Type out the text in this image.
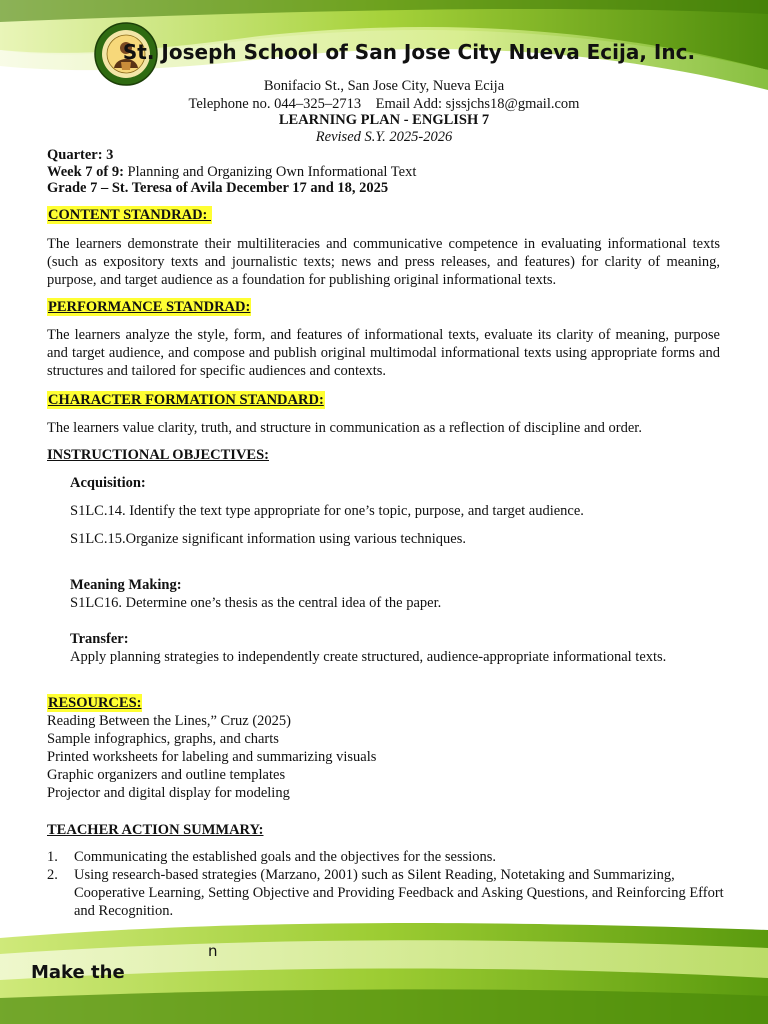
St. Joseph School of San Jose City Nueva Ecija, Inc.
Bonifacio St., San Jose City, Nueva Ecija
Telephone no. 044–325–2713    Email Add: sjssjchs18@gmail.com
LEARNING PLAN - ENGLISH 7
Revised S.Y. 2025-2026
Quarter: 3
Week 7 of 9: Planning and Organizing Own Informational Text
Grade 7 – St. Teresa of Avila December 17 and 18, 2025
CONTENT STANDRAD:

The learners demonstrate their multiliteracies and communicative competence in evaluating informational texts (such as expository texts and journalistic texts; news and press releases, and features) for clarity of meaning, purpose, and target audience as a foundation for publishing original informational texts.

PERFORMANCE STANDRAD:

The learners analyze the style, form, and features of informational texts, evaluate its clarity of meaning, purpose and target audience, and compose and publish original multimodal informational texts using appropriate forms and structures and tailored for specific audiences and contexts.

CHARACTER FORMATION STANDARD:

The learners value clarity, truth, and structure in communication as a reflection of discipline and order.

INSTRUCTIONAL OBJECTIVES:
Acquisition:
S1LC.14. Identify the text type appropriate for one’s topic, purpose, and target audience.
S1LC.15.Organize significant information using various techniques.
Meaning Making:
S1LC16. Determine one’s thesis as the central idea of the paper.
Transfer:
Apply planning strategies to independently create structured, audience-appropriate informational texts.
RESOURCES:
Reading Between the Lines,” Cruz (2025)
Sample infographics, graphs, and charts
Printed worksheets for labeling and summarizing visuals
Graphic organizers and outline templates
Projector and digital display for modeling
TEACHER ACTION SUMMARY:
1. Communicating the established goals and the objectives for the sessions.
2. Using research-based strategies (Marzano, 2001) such as Silent Reading, Notetaking and Summarizing, Cooperative Learning, Setting Objective and Providing Feedback and Asking Questions, and Reinforcing Effort and Recognition.
n
Make the
